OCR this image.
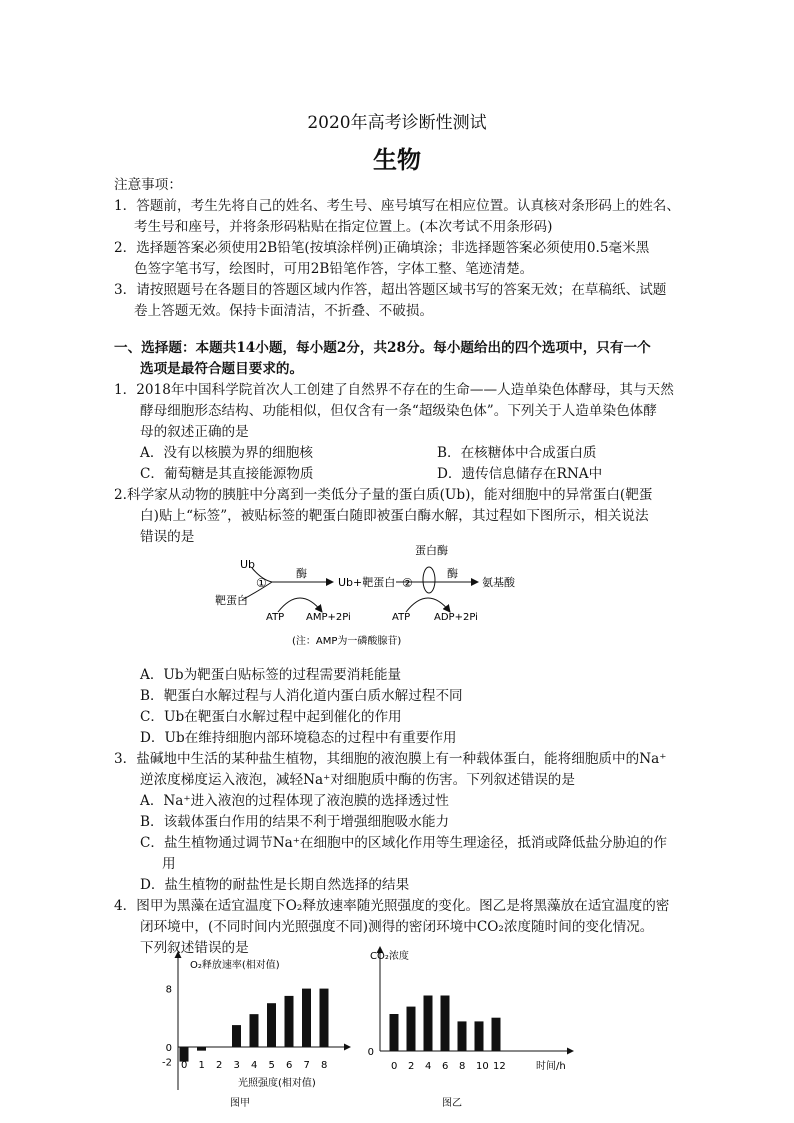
2020年高考诊断性测试
生物
注意事项：
1．答题前，考生先将自己的姓名、考生号、座号填写在相应位置。认真核对条形码上的姓名、
考生号和座号，并将条形码粘贴在指定位置上。(本次考试不用条形码)
2．选择题答案必须使用2B铅笔(按填涂样例)正确填涂；非选择题答案必须使用0.5毫米黑
色签字笔书写，绘图时，可用2B铅笔作答，字体工整、笔迹清楚。
3．请按照题号在各题目的答题区域内作答，超出答题区域书写的答案无效；在草稿纸、试题
卷上答题无效。保持卡面清洁，不折叠、不破损。
一、选择题：本题共14小题，每小题2分，共28分。每小题给出的四个选项中，只有一个
选项是最符合题目要求的。
1．2018年中国科学院首次人工创建了自然界不存在的生命——人造单染色体酵母，其与天然
酵母细胞形态结构、功能相似，但仅含有一条“超级染色体”。下列关于人造单染色体酵
母的叙述正确的是
A．没有以核膜为界的细胞核	B．在核糖体中合成蛋白质
C．葡萄糖是其直接能源物质	D．遗传信息储存在RNA中
2.科学家从动物的胰脏中分离到一类低分子量的蛋白质(Ub)，能对细胞中的异常蛋白(靶蛋
白)贴上“标签”，被贴标签的靶蛋白随即被蛋白酶水解，其过程如下图所示，相关说法
错误的是
Ub
靶蛋白
①
酶
ATP AMP+2Pi
Ub+靶蛋白 ②
蛋白酶
酶
氨基酸
ATP ADP+2Pi
(注：AMP为一磷酸腺苷)
A．Ub为靶蛋白贴标签的过程需要消耗能量
B．靶蛋白水解过程与人消化道内蛋白质水解过程不同
C．Ub在靶蛋白水解过程中起到催化的作用
D．Ub在维持细胞内部环境稳态的过程中有重要作用
3．盐碱地中生活的某种盐生植物，其细胞的液泡膜上有一种载体蛋白，能将细胞质中的Na⁺
逆浓度梯度运入液泡，减轻Na⁺对细胞质中酶的伤害。下列叙述错误的是
A．Na⁺进入液泡的过程体现了液泡膜的选择透过性
B．该载体蛋白作用的结果不利于增强细胞吸水能力
C．盐生植物通过调节Na⁺在细胞中的区域化作用等生理途径，抵消或降低盐分胁迫的作
用
D．盐生植物的耐盐性是长期自然选择的结果
4．图甲为黑藻在适宜温度下O₂释放速率随光照强度的变化。图乙是将黑藻放在适宜温度的密
闭环境中，(不同时间内光照强度不同)测得的密闭环境中CO₂浓度随时间的变化情况。
下列叙述错误的是
O₂释放速率(相对值)
光照强度(相对值)
图甲
0 1 2 3 4 5 6 7 8
8
0
-2
CO₂浓度
时间/h
图乙
0 2 4 6 8 10 12
0
